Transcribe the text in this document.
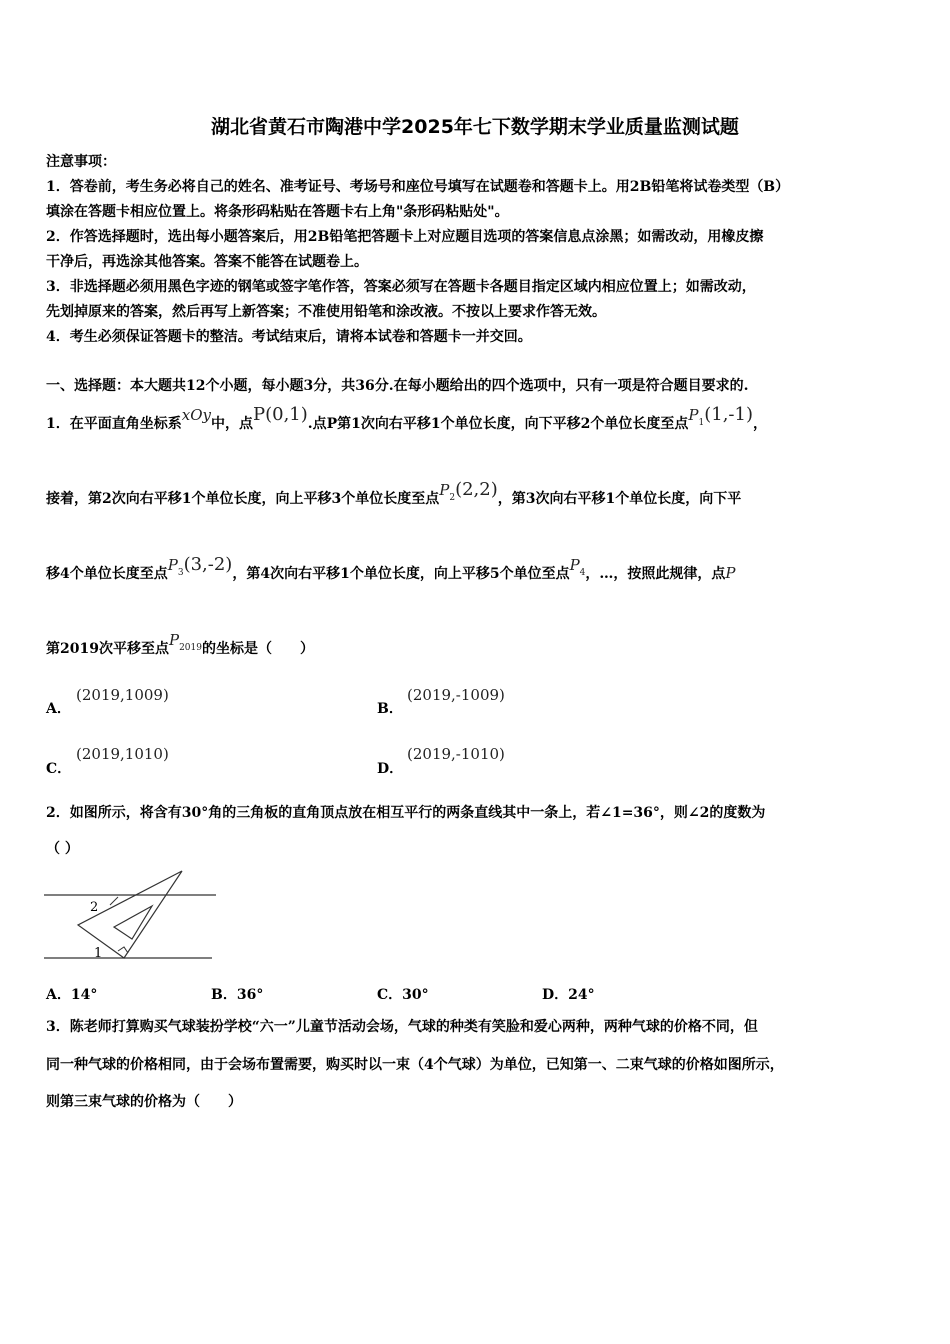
湖北省黄石市陶港中学2025年七下数学期末学业质量监测试题
注意事项：
1．答卷前，考生务必将自己的姓名、准考证号、考场号和座位号填写在试题卷和答题卡上。用2B铅笔将试卷类型（B）
填涂在答题卡相应位置上。将条形码粘贴在答题卡右上角"条形码粘贴处"。
2．作答选择题时，选出每小题答案后，用2B铅笔把答题卡上对应题目选项的答案信息点涂黑；如需改动，用橡皮擦
干净后，再选涂其他答案。答案不能答在试题卷上。
3．非选择题必须用黑色字迹的钢笔或签字笔作答，答案必须写在答题卡各题目指定区域内相应位置上；如需改动，
先划掉原来的答案，然后再写上新答案；不准使用铅笔和涂改液。不按以上要求作答无效。
4．考生必须保证答题卡的整洁。考试结束后，请将本试卷和答题卡一并交回。
一、选择题：本大题共12个小题，每小题3分，共36分.在每小题给出的四个选项中，只有一项是符合题目要求的.
1．在平面直角坐标系xOy中，点P(0,1).点P第1次向右平移1个单位长度，向下平移2个单位长度至点$P_1(1,-1)$，
接着，第2次向右平移1个单位长度，向上平移3个单位长度至点$P_2(2,2)$，第3次向右平移1个单位长度，向下平
移4个单位长度至点$P_3(3,-2)$，第4次向右平移1个单位长度，向上平移5个单位至点$P_4$，…，按照此规律，点P
第2019次平移至点$P_{2019}$的坐标是（　　）
A．
(2019,1009)
B．
(2019,-1009)
C．
(2019,1010)
D．
(2019,-1010)
2．如图所示，将含有30°角的三角板的直角顶点放在相互平行的两条直线其中一条上，若∠1=36°，则∠2的度数为
（ ）
2
1
A．14°	B．36°	C．30°	D．24°
3．陈老师打算购买气球装扮学校“六一”儿童节活动会场，气球的种类有笑脸和爱心两种，两种气球的价格不同，但
同一种气球的价格相同，由于会场布置需要，购买时以一束（4个气球）为单位，已知第一、二束气球的价格如图所示，
则第三束气球的价格为（　　）
